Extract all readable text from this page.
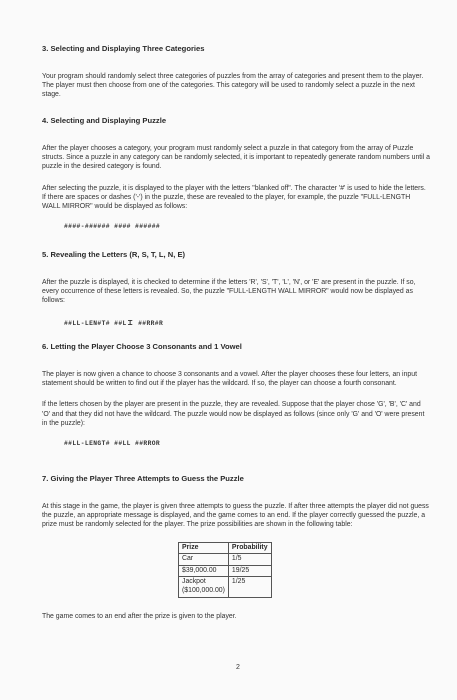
3. Selecting and Displaying Three Categories

Your program should randomly select three categories of puzzles from the array of categories and present them to the player. The player must then choose from one of the categories. This category will be used to randomly select a puzzle in the next stage.

4. Selecting and Displaying Puzzle

After the player chooses a category, your program must randomly select a puzzle in that category from the array of Puzzle structs. Since a puzzle in any category can be randomly selected, it is important to repeatedly generate random numbers until a puzzle in the desired category is found.

After selecting the puzzle, it is displayed to the player with the letters "blanked off". The character '#' is used to hide the letters. If there are spaces or dashes ('-') in the puzzle, these are revealed to the player, for example, the puzzle "FULL-LENGTH WALL MIRROR" would be displayed as follows:

####-###### #### ######
5. Revealing the Letters (R, S, T, L, N, E)

After the puzzle is displayed, it is checked to determine if the letters 'R', 'S', 'T', 'L', 'N', or 'E' are present in the puzzle. If so, every occurrence of these letters is revealed. So, the puzzle "FULL-LENGTH WALL MIRROR" would now be displayed as follows:

##LL-LEN#T# ##L⌶ ##RR#R
6. Letting the Player Choose 3 Consonants and 1 Vowel

The player is now given a chance to choose 3 consonants and a vowel. After the player chooses these four letters, an input statement should be written to find out if the player has the wildcard. If so, the player can choose a fourth consonant.

If the letters chosen by the player are present in the puzzle, they are revealed. Suppose that the player chose 'G', 'B', 'C' and 'O' and that they did not have the wildcard. The puzzle would now be displayed as follows (since only 'G' and 'O' were present in the puzzle):

##LL-LENGT# ##LL ##RROR
7. Giving the Player Three Attempts to Guess the Puzzle

At this stage in the game, the player is given three attempts to guess the puzzle. If after three attempts the player did not guess the puzzle, an appropriate message is displayed, and the game comes to an end. If the player correctly guessed the puzzle, a prize must be randomly selected for the player. The prize possibilities are shown in the following table:

Prize	Probability
Car	1/5
$39,000.00	19/25
Jackpot
($100,000.00)	1/25

The game comes to an end after the prize is given to the player.

2
